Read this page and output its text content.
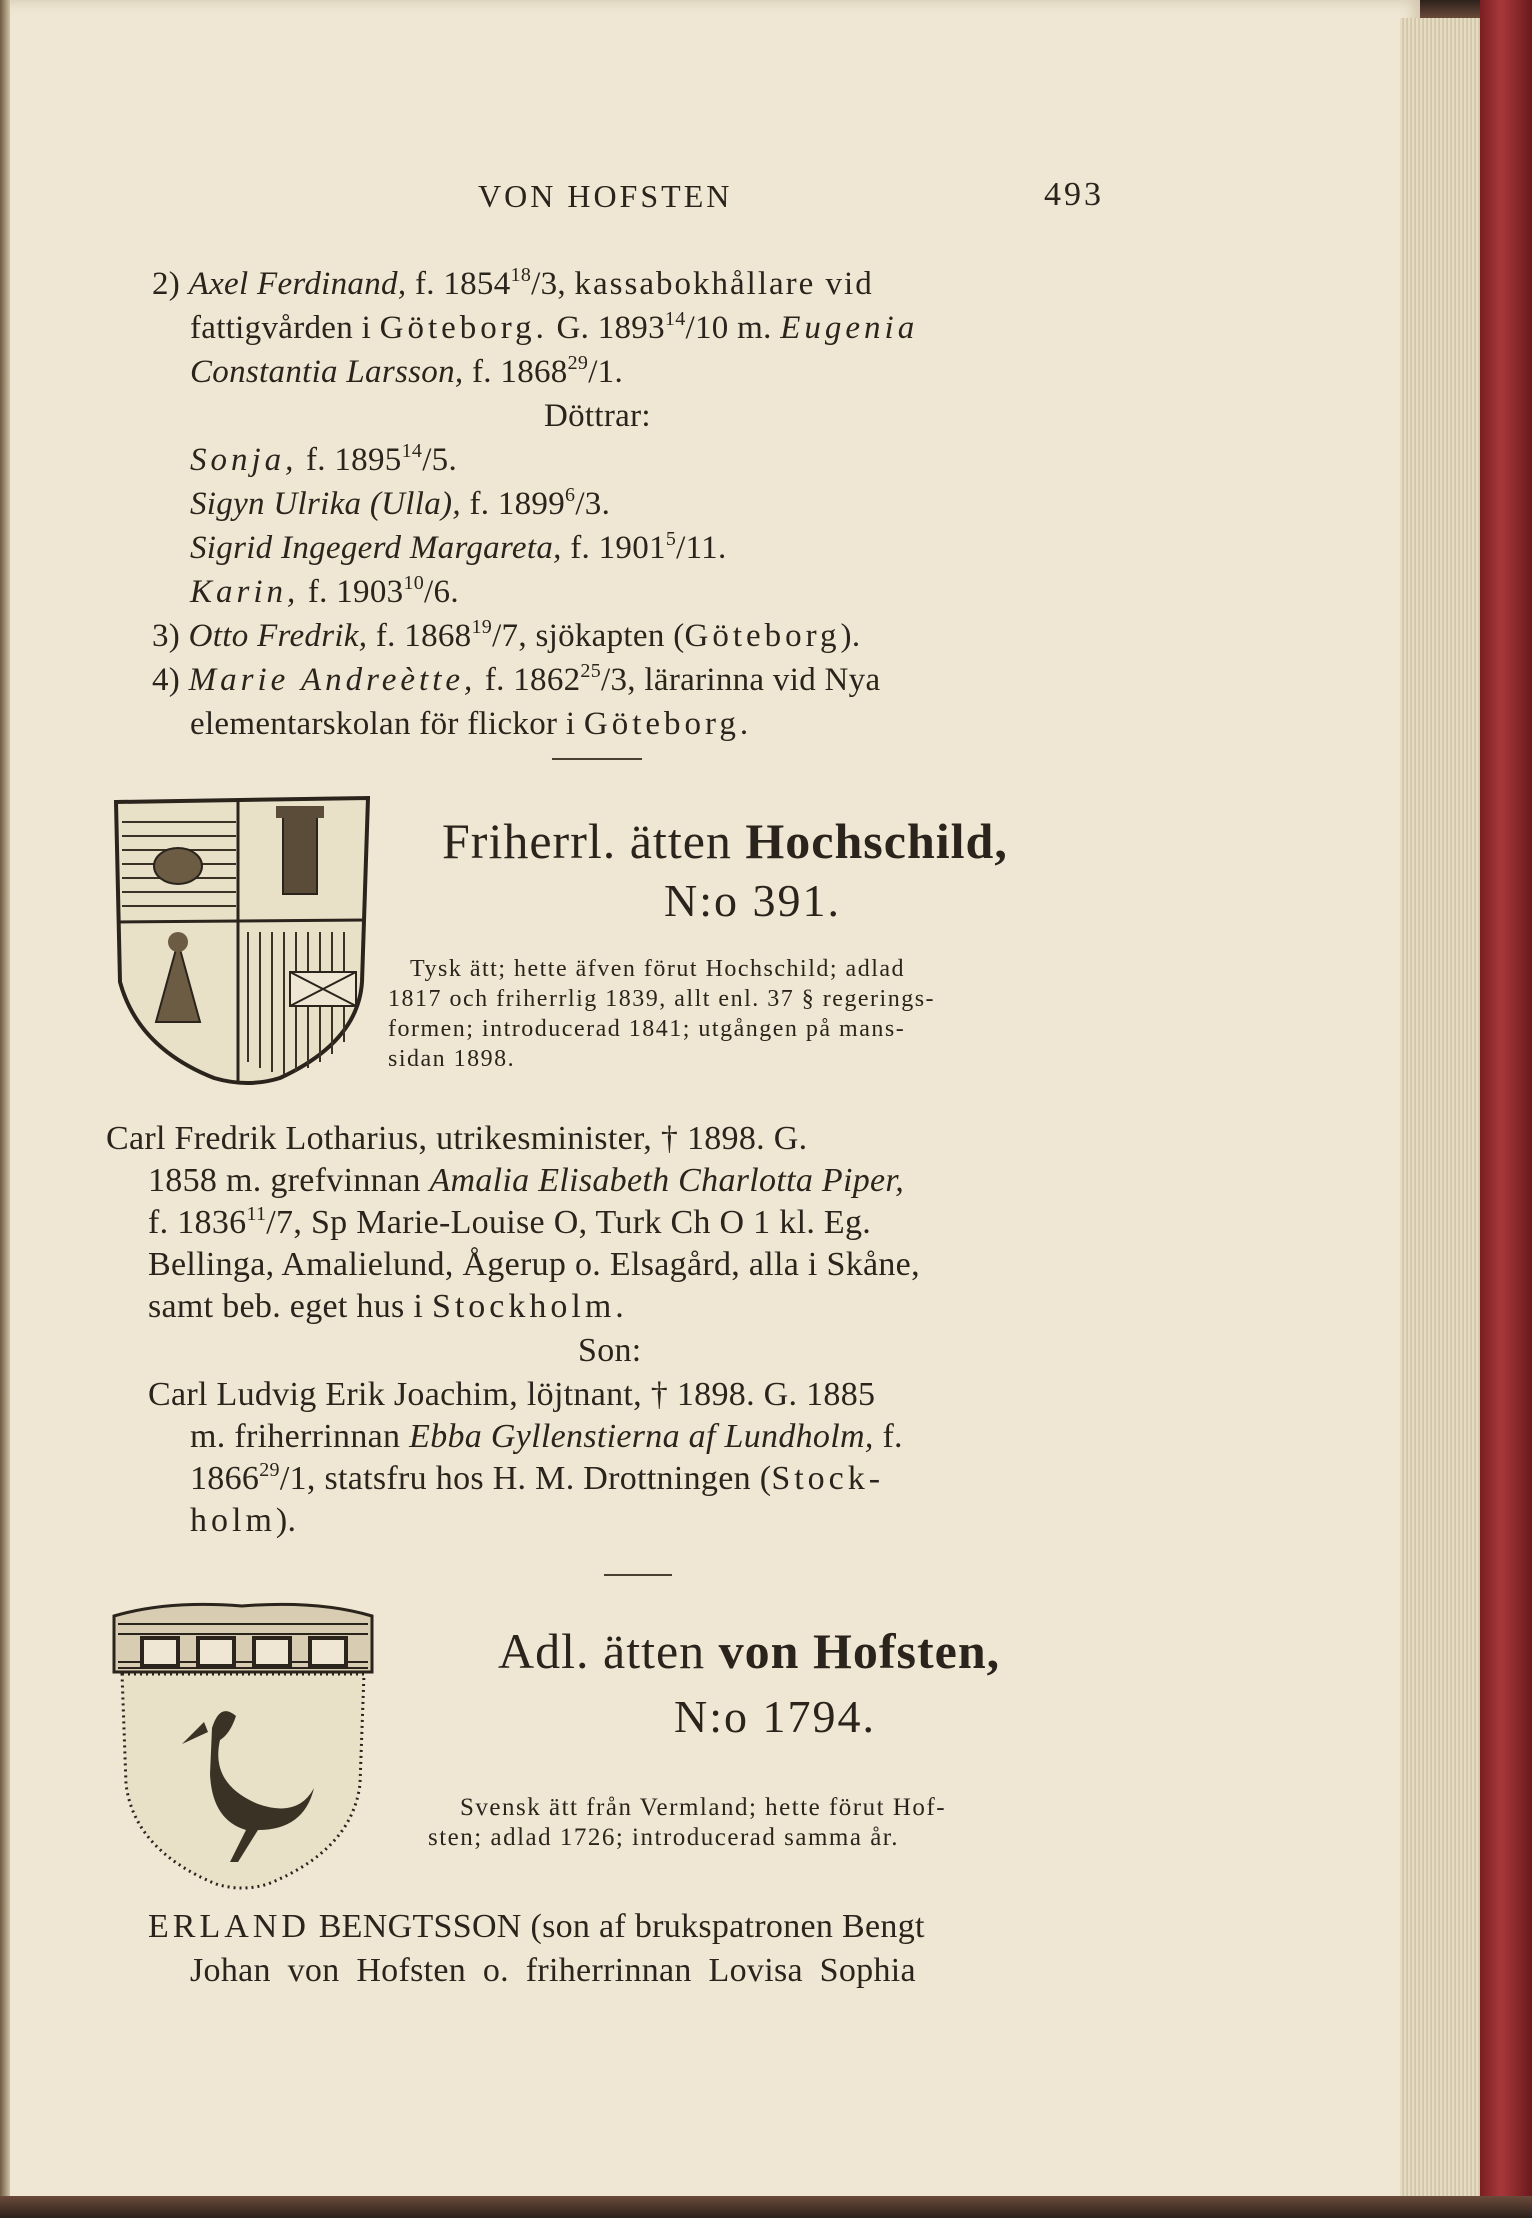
VON HOFSTEN	493
2) Axel Ferdinand, f. 1854$^{18}$/3, kassabokhållare vid
fattigvården i Göteborg. G. 1893$^{14}$/10 m. Eugenia
Constantia Larsson, f. 1868$^{29}$/1.
Döttrar:
Sonja, f. 1895$^{14}$/5.
Sigyn Ulrika (Ulla), f. 1899$^6$/3.
Sigrid Ingegerd Margareta, f. 1901$^5$/11.
Karin, f. 1903$^{10}$/6.
3) Otto Fredrik, f. 1868$^{19}$/7, sjökapten (Göteborg).
4) Marie Andreètte, f. 1862$^{25}$/3, lärarinna vid Nya
elementarskolan för flickor i Göteborg.
Friherrl. ätten Hochschild,
N:o 391.
Tysk ätt; hette äfven förut Hochschild; adlad
1817 och friherrlig 1839, allt enl. 37 § regerings-
formen; introducerad 1841; utgången på mans-
sidan 1898.
Carl Fredrik Lotharius, utrikesminister, † 1898. G.
1858 m. grefvinnan Amalia Elisabeth Charlotta Piper,
f. 1836$^{11}$/7, Sp Marie-Louise O, Turk Ch O 1 kl. Eg.
Bellinga, Amalielund, Ågerup o. Elsagård, alla i Skåne,
samt beb. eget hus i Stockholm.
Son:
Carl Ludvig Erik Joachim, löjtnant, † 1898. G. 1885
m. friherrinnan Ebba Gyllenstierna af Lundholm, f.
1866$^{29}$/1, statsfru hos H. M. Drottningen (Stock-
holm).
Adl. ätten von Hofsten,
N:o 1794.
Svensk ätt från Vermland; hette förut Hof-
sten; adlad 1726; introducerad samma år.
ERLAND BENGTSSON (son af brukspatronen Bengt
Johan von Hofsten o. friherrinnan Lovisa Sophia
